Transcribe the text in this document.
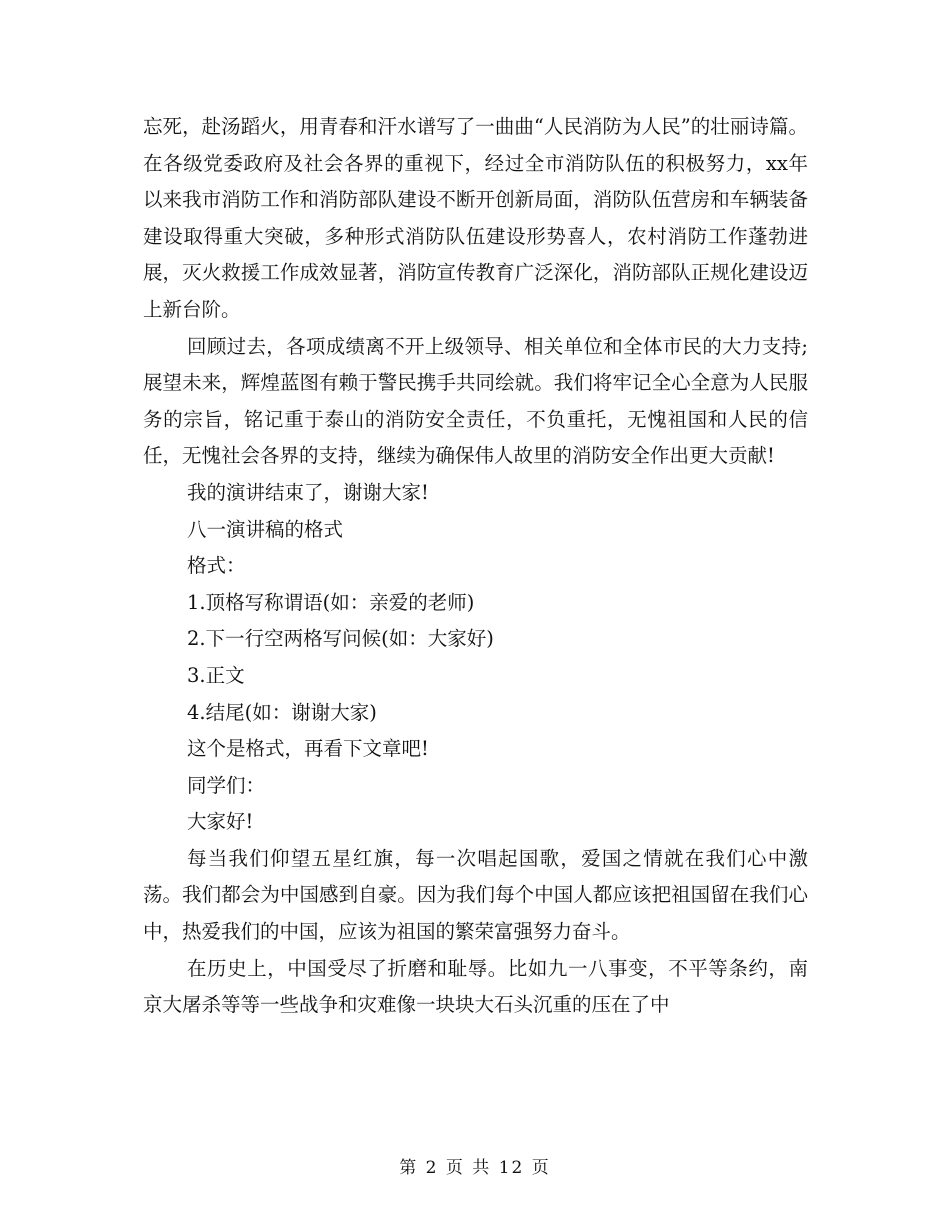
忘死，赴汤蹈火，用青春和汗水谱写了一曲曲“人民消防为人民”的壮丽诗篇。在各级党委政府及社会各界的重视下，经过全市消防队伍的积极努力，xx年以来我市消防工作和消防部队建设不断开创新局面，消防队伍营房和车辆装备建设取得重大突破，多种形式消防队伍建设形势喜人，农村消防工作蓬勃进展，灭火救援工作成效显著，消防宣传教育广泛深化，消防部队正规化建设迈上新台阶。

回顾过去，各项成绩离不开上级领导、相关单位和全体市民的大力支持;展望未来，辉煌蓝图有赖于警民携手共同绘就。我们将牢记全心全意为人民服务的宗旨，铭记重于泰山的消防安全责任，不负重托，无愧祖国和人民的信任，无愧社会各界的支持，继续为确保伟人故里的消防安全作出更大贡献!

我的演讲结束了，谢谢大家!

八一演讲稿的格式

格式：

1.顶格写称谓语(如：亲爱的老师)

2.下一行空两格写问候(如：大家好)

3.正文

4.结尾(如：谢谢大家)

这个是格式，再看下文章吧!

同学们：

大家好!

每当我们仰望五星红旗，每一次唱起国歌，爱国之情就在我们心中激荡。我们都会为中国感到自豪。因为我们每个中国人都应该把祖国留在我们心中，热爱我们的中国，应该为祖国的繁荣富强努力奋斗。

在历史上，中国受尽了折磨和耻辱。比如九一八事变，不平等条约，南京大屠杀等等一些战争和灾难像一块块大石头沉重的压在了中

第 2 页 共 12 页
